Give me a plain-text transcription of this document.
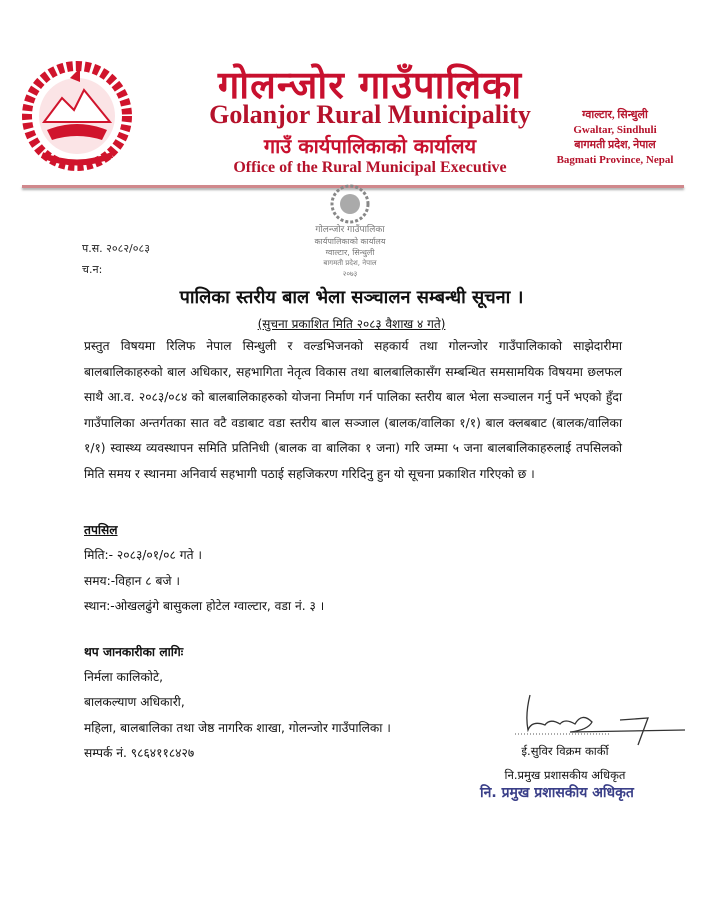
गोलन्जोर गाउँपालिका
Golanjor Rural Municipality
गाउँ कार्यपालिकाको कार्यालय
Office of the Rural Municipal Executive
ग्वाल्टार, सिन्धुली
Gwaltar, Sindhuli
बागमती प्रदेश, नेपाल
Bagmati Province, Nepal
गोलन्जोर गाउँपालिका
कार्यपालिकाको कार्यालय
ग्वाल्टार, सिन्धुली
बागमती प्रदेश, नेपाल
२०७३
प.स. २०८२/०८३
च.न:
पालिका स्तरीय बाल भेला सञ्चालन सम्बन्धी सूचना ।
(सुचना प्रकाशित मिति २०८३ वैशाख ४ गते)
प्रस्तुत विषयमा रिलिफ नेपाल सिन्धुली र वल्डभिजनको सहकार्य तथा गोलन्जोर गाउँपालिकाको साझेदारीमा बालबालिकाहरुको बाल अधिकार, सहभागिता नेतृत्व विकास तथा बालबालिकासँग सम्बन्धित समसामयिक विषयमा छलफल साथै आ.व. २०८३/०८४ को बालबालिकाहरुको योजना निर्माण गर्न पालिका स्तरीय बाल भेला सञ्चालन गर्नु पर्ने भएको हुँदा गाउँपालिका अन्तर्गतका सात वटै वडाबाट वडा स्तरीय बाल सञ्जाल (बालक/वालिका १/१) बाल क्लबबाट (बालक/वालिका १/१) स्वास्थ्य व्यवस्थापन समिति प्रतिनिधी (बालक वा बालिका १ जना) गरि जम्मा ५ जना बालबालिकाहरुलाई तपसिलको मिति समय र स्थानमा अनिवार्य सहभागी पठाई सहजिकरण गरिदिनु हुन यो सूचना प्रकाशित गरिएको छ ।
तपसिल
मिति:- २०८३/०१/०८ गते ।
समय:-विहान ८ बजे ।
स्थान:-ओखलढुंगे बासुकला होटेल ग्वाल्टार, वडा नं. ३ ।
थप जानकारीका लागिः
निर्मला कालिकोटे,
बालकल्याण अधिकारी,
महिला, बालबालिका तथा जेष्ठ नागरिक शाखा, गोलन्जोर गाउँपालिका ।
सम्पर्क नं. ९८६४११८४२७	ई.सुविर विक्रम कार्की
नि.प्रमुख प्रशासकीय अधिकृत
नि. प्रमुख प्रशासकीय अधिकृत
